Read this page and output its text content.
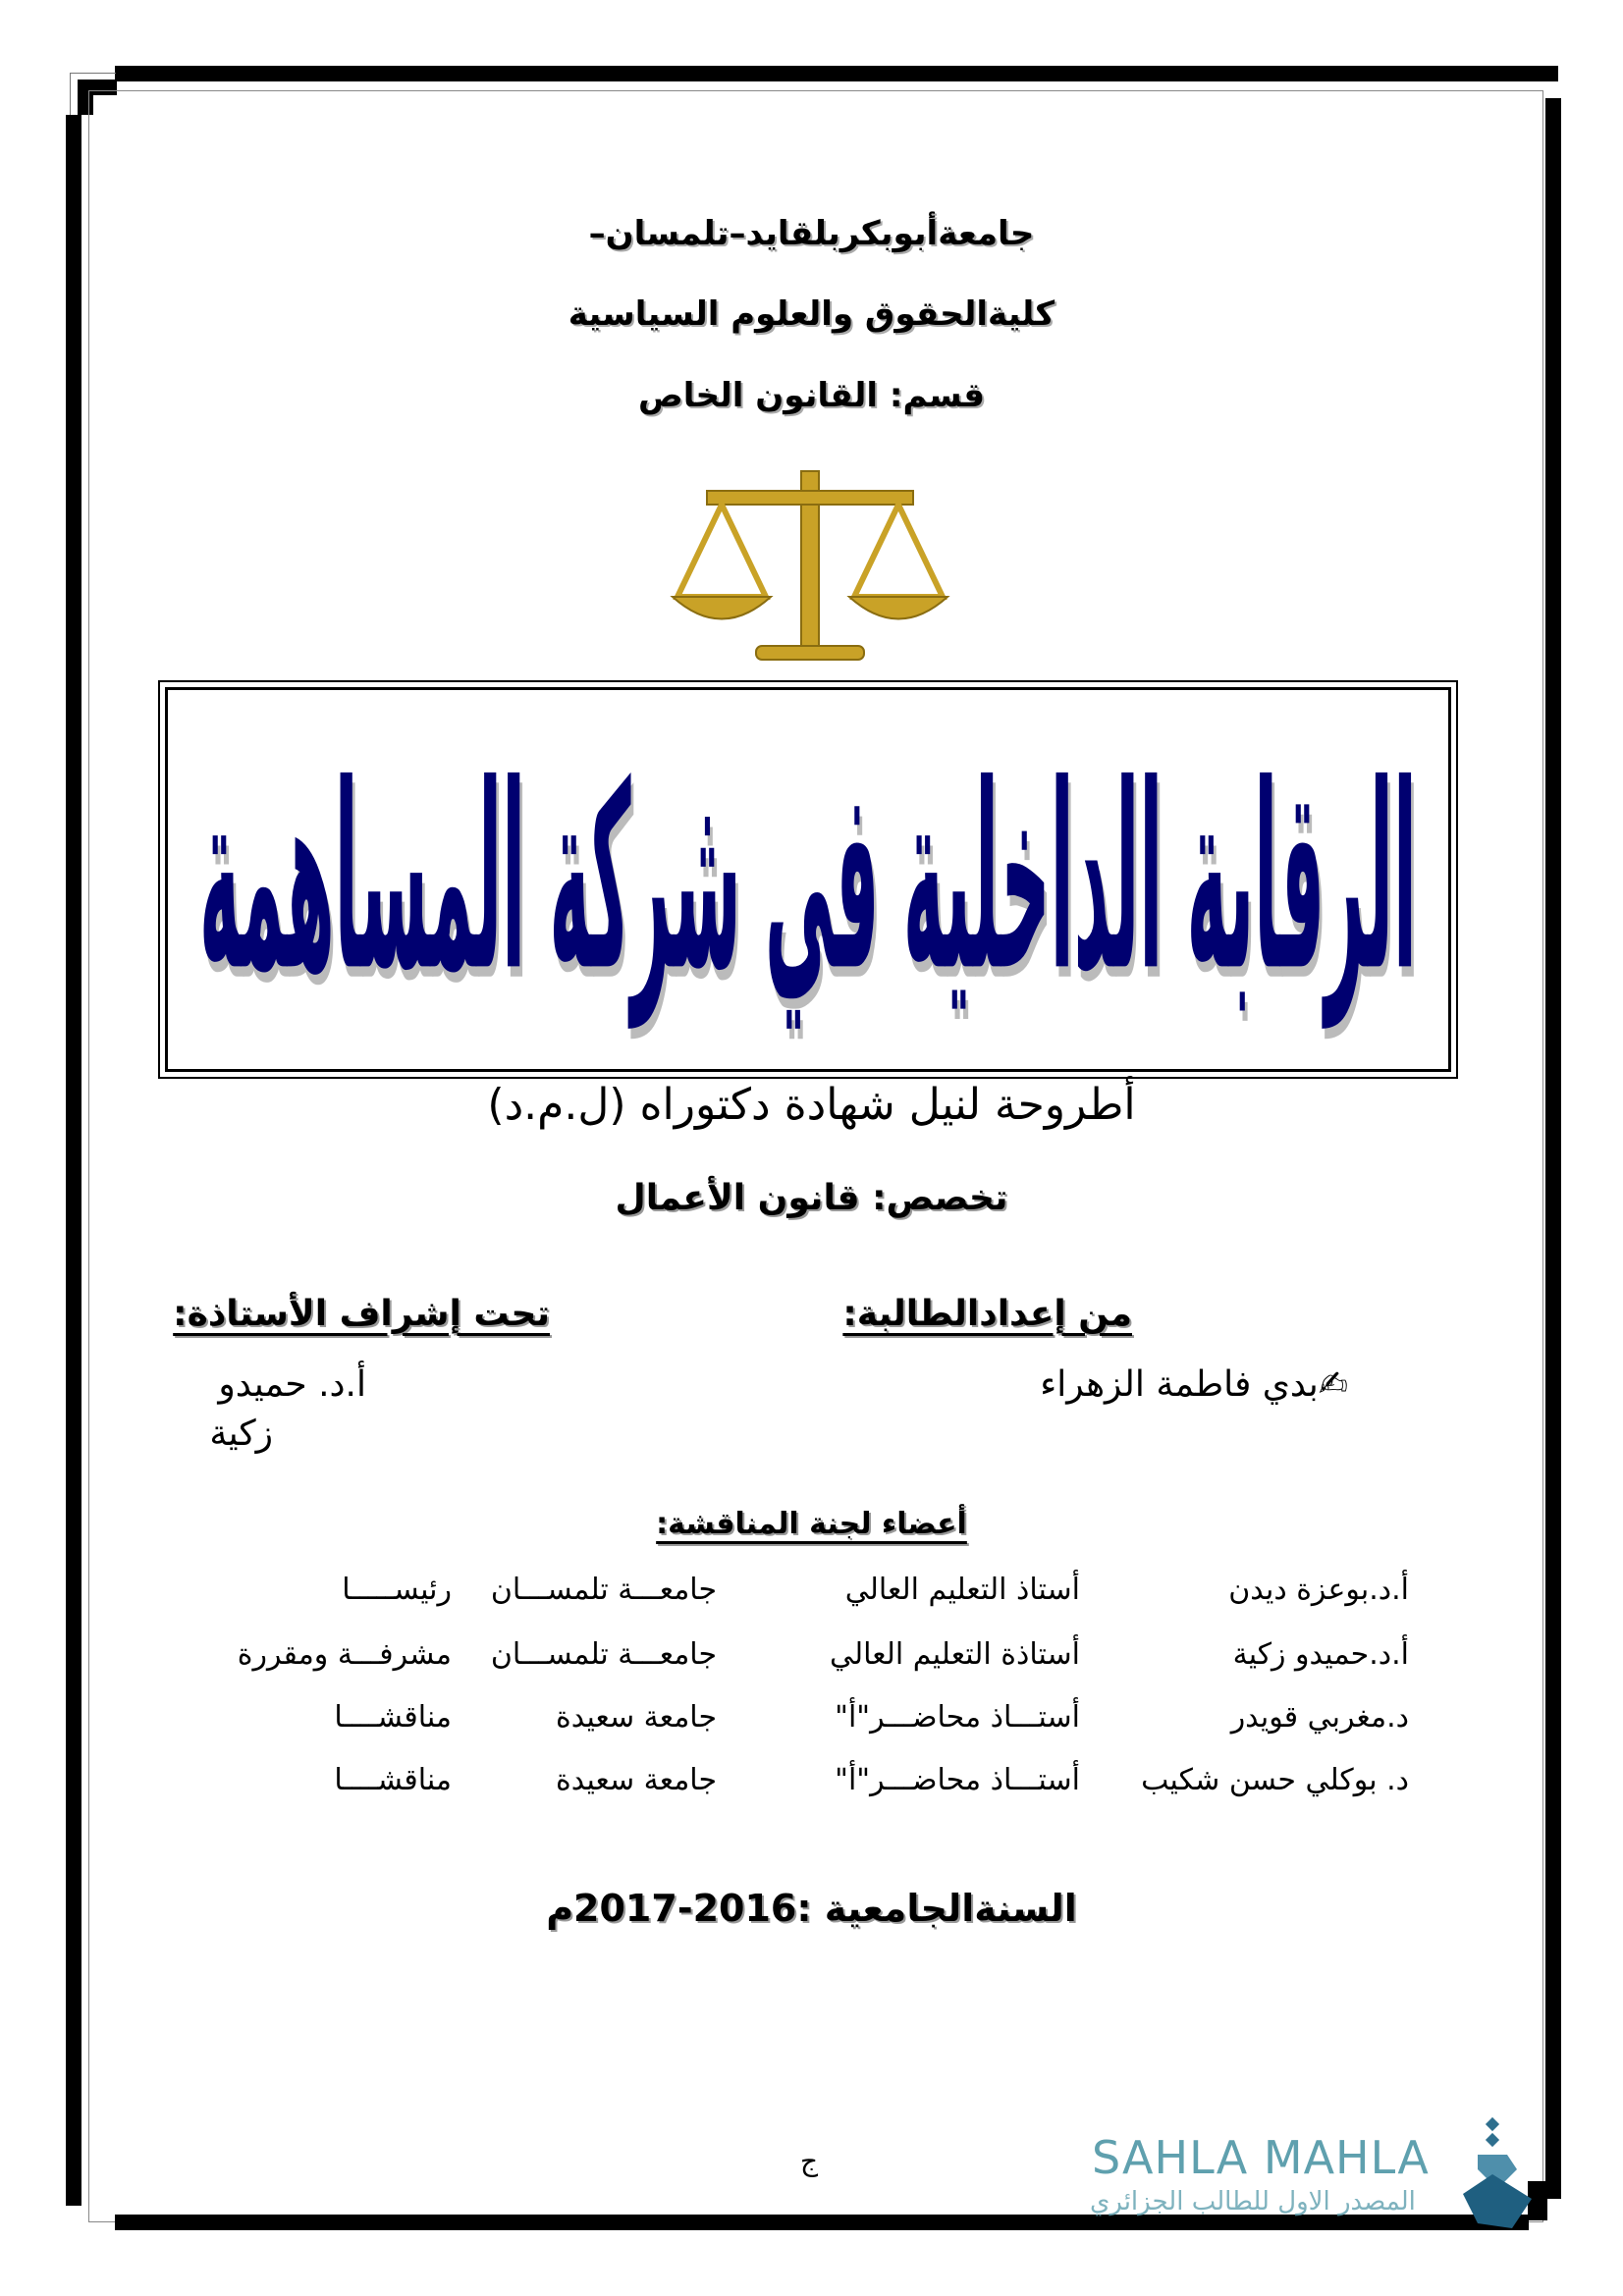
جامعةأبوبكربلقايد–تلمسان–
كليةالحقوق والعلوم السياسية
قسم: القانون الخاص
الرقابة الداخلية في شركة المساهمة
أطروحة لنيل شهادة دكتوراه (ل.م.د)
تخصص: قانون الأعمال
من إعدادالطالبة:
✍بدي فاطمة الزهراء
تحت إشراف الأستاذة:
أ.د. حميدو
زكية
أعضاء لجنة المناقشة:
أ.د.بوعزة ديدن
أستاذ التعليم العالي
جامعـــة تلمســـان
رئيســـــا
أ.د.حميدو زكية
أستاذة التعليم العالي
جامعـــة تلمســـان
مشرفـــة ومقررة
د.مغربي قويدر
أستـــاذ محاضـــر"أ"
جامعة سعيدة
مناقشــــا
د. بوكلي حسن شكيب
أستـــاذ محاضـــر"أ"
جامعة سعيدة
مناقشــــا
السنةالجامعية :2016-2017م
ج	SAHLA MAHLA
المصدر الاول للطالب الجزائري
